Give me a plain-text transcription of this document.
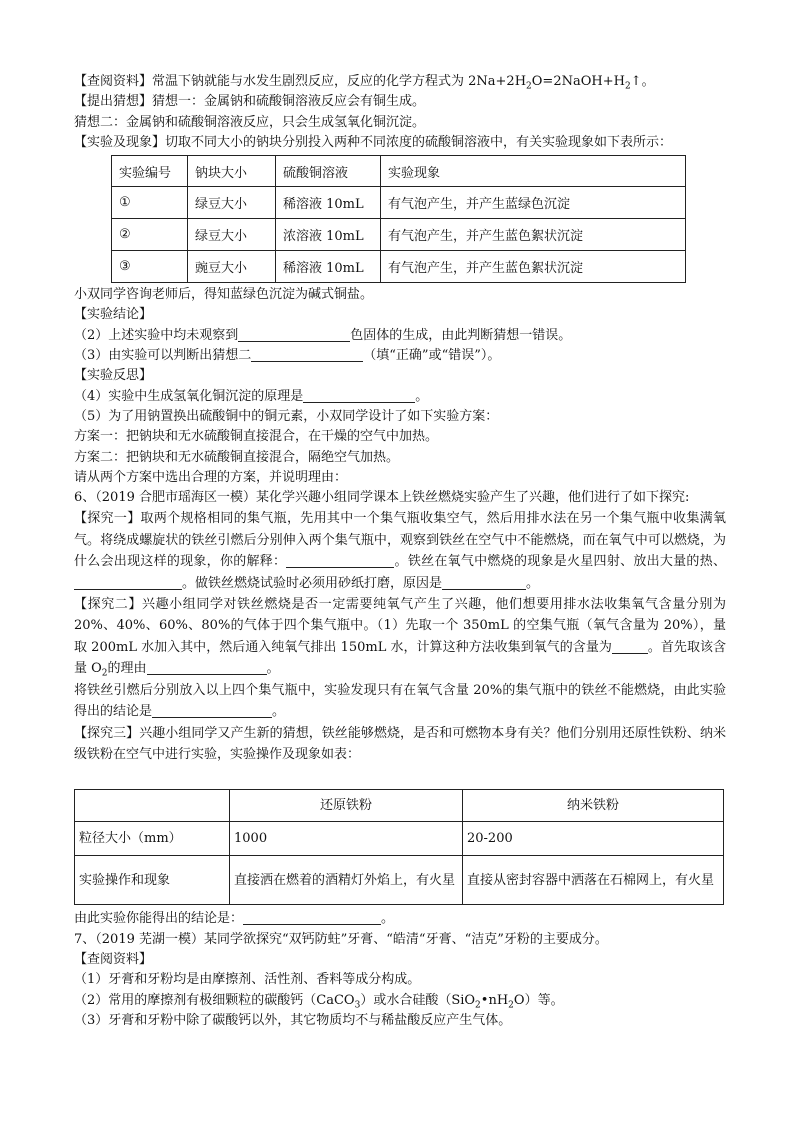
【查阅资料】常温下钠就能与水发生剧烈反应，反应的化学方程式为 $2Na+2H_2O=2NaOH+H_2↑$。

【提出猜想】猜想一：金属钠和硫酸铜溶液反应会有铜生成。

猜想二：金属钠和硫酸铜溶液反应，只会生成氢氧化铜沉淀。

【实验及现象】切取不同大小的钠块分别投入两种不同浓度的硫酸铜溶液中，有关实验现象如下表所示：

实验编号	钠块大小	硫酸铜溶液	实验现象
①	绿豆大小	稀溶液 10mL	有气泡产生，并产生蓝绿色沉淀
②	绿豆大小	浓溶液 10mL	有气泡产生，并产生蓝色絮状沉淀
③	豌豆大小	稀溶液 10mL	有气泡产生，并产生蓝色絮状沉淀

小双同学咨询老师后，得知蓝绿色沉淀为碱式铜盐。

【实验结论】

（2）上述实验中均未观察到	色固体的生成，由此判断猜想一错误。

（3）由实验可以判断出猜想二	（填“正确”或“错误”）。

【实验反思】

（4）实验中生成氢氧化铜沉淀的原理是	。

（5）为了用钠置换出硫酸铜中的铜元素，小双同学设计了如下实验方案：

方案一：把钠块和无水硫酸铜直接混合，在干燥的空气中加热。

方案二：把钠块和无水硫酸铜直接混合，隔绝空气加热。

请从两个方案中选出合理的方案，并说明理由：

6、（2019 合肥市瑶海区一模）某化学兴趣小组同学课本上铁丝燃烧实验产生了兴趣，他们进行了如下探究:

【探究一】取两个规格相同的集气瓶，先用其中一个集气瓶收集空气，然后用排水法在另一个集气瓶中收集满氧气。将绕成螺旋状的铁丝引燃后分别伸入两个集气瓶中，观察到铁丝在空气中不能燃烧，而在氧气中可以燃烧，为什么会出现这样的现象，你的解释：	。铁丝在氧气中燃烧的现象是火星四射、放出大量的热、。做铁丝燃烧试验时必须用砂纸打磨，原因是	。

【探究二】兴趣小组同学对铁丝燃烧是否一定需要纯氧气产生了兴趣，他们想要用排水法收集氧气含量分别为 20%、40%、60%、80%的气体于四个集气瓶中。（1）先取一个 350mL 的空集气瓶（氧气含量为 20%），量取 200mL 水加入其中，然后通入纯氧气排出 150mL 水，计算这种方法收集到氧气的含量为	。首先取该含量 $O_2$的理由	。

将铁丝引燃后分别放入以上四个集气瓶中，实验发现只有在氧气含量 20%的集气瓶中的铁丝不能燃烧，由此实验得出的结论是	。

【探究三】兴趣小组同学又产生新的猜想，铁丝能够燃烧，是否和可燃物本身有关？他们分别用还原性铁粉、纳米级铁粉在空气中进行实验，实验操作及现象如表：

	还原铁粉	纳米铁粉
粒径大小（mm）	1000	20-200
实验操作和现象	直接洒在燃着的酒精灯外焰上，有火星	直接从密封容器中洒落在石棉网上，有火星

由此实验你能得出的结论是：	。

7、（2019 芜湖一模）某同学欲探究“双钙防蛀”牙膏、“皓清“牙膏、“洁克”牙粉的主要成分。

【查阅资料】

（1）牙膏和牙粉均是由摩擦剂、活性剂、香料等成分构成。

（2）常用的摩擦剂有极细颗粒的碳酸钙（CaCO$_3$）或水合硅酸$(SiO_2•nH_2O)$等。

（3）牙膏和牙粉中除了碳酸钙以外，其它物质均不与稀盐酸反应产生气体。
